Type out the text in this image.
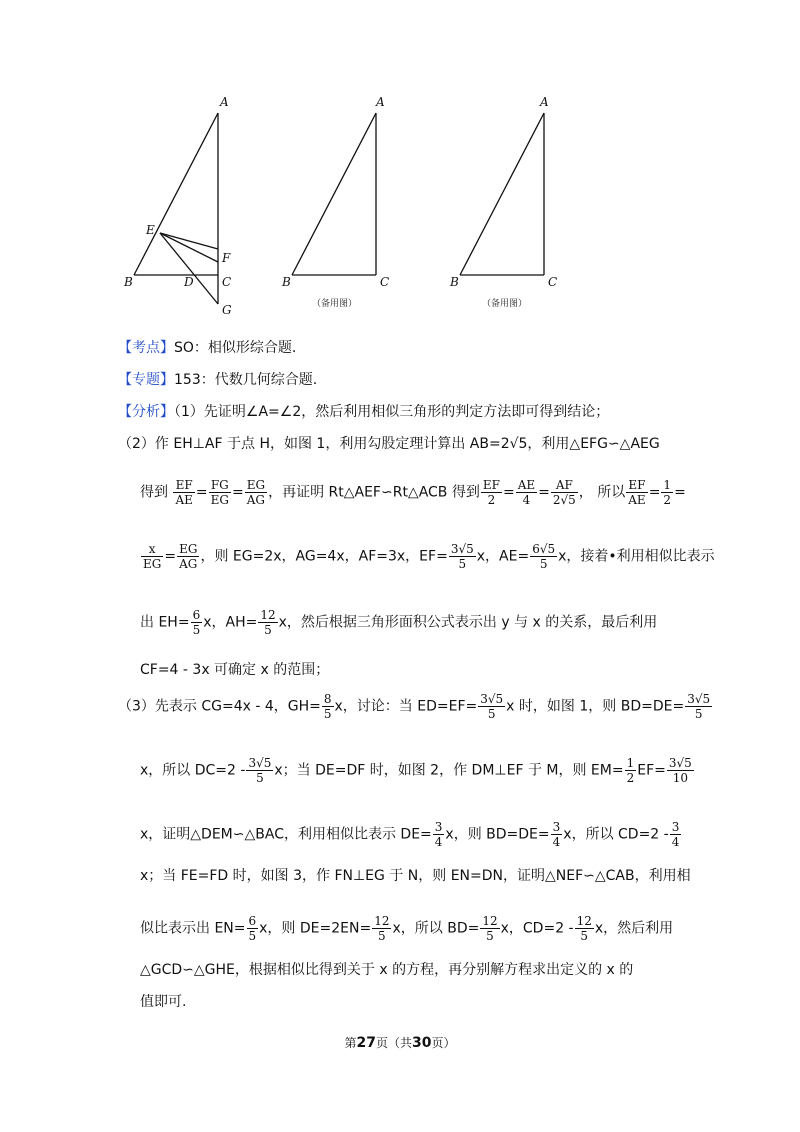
A
E
F
B	D C
G
A
B	C
（备用图）
A
B	C
（备用图）
【考点】SO：相似形综合题.
【专题】153：代数几何综合题.
【分析】（1）先证明∠A=∠2，然后利用相似三角形的判定方法即可得到结论；
（2）作 EH⊥AF 于点 H，如图 1，利用勾股定理计算出 AB=2√5，利用△EFG∽△AEG
得到 $\frac{EF}{AE} = \frac{FG}{EG} = \frac{EG}{AG}$ ，再证明 Rt△AEF∽Rt△ACB 得到 $\frac{EF}{2} = \frac{AE}{4} = \frac{AF}{2√5}$ ， 所以 $\frac{EF}{AE} = \frac{1}{2}$ =
$\frac{x}{EG} = \frac{EG}{AG}$ ，则 EG=2x，AG=4x，AF=3x，$EF= \frac{3√5}{5}$ x，$AE= \frac{6√5}{5}$ x，接着•利用相似比表示
出 $EH= \frac{6}{5}$ x，$AH= \frac{12}{5}$ x，然后根据三角形面积公式表示出 y 与 x 的关系，最后利用
CF=4 - 3x 可确定 x 的范围；
（3）先表示 CG=4x - 4，$GH= \frac{8}{5}$ x，讨论：当 $ED=EF= \frac{3√5}{5}$ x 时，如图 1，则 $BD=DE= \frac{3√5}{5}$
x，所以 $DC=2 - \frac{3√5}{5}$ x；当 DE=DF 时，如图 2，作 DM⊥EF 于 M，则 $EM= \frac{1}{2} EF= \frac{3√5}{10}$
x，证明△DEM∽△BAC，利用相似比表示 $DE= \frac{3}{4}$ x，则 $BD=DE= \frac{3}{4}$ x，所以 $CD=2 - \frac{3}{4}$
x；当 FE=FD 时，如图 3，作 FN⊥EG 于 N，则 EN=DN，证明△NEF∽△CAB，利用相
似比表示出 $EN= \frac{6}{5}$ x，则 $DE=2EN= \frac{12}{5}$ x，所以 $BD= \frac{12}{5}$ x，$CD=2 - \frac{12}{5}$ x，然后利用
△GCD∽△GHE，根据相似比得到关于 x 的方程，再分别解方程求出定义的 x 的
值即可.
第27页（共30页）
